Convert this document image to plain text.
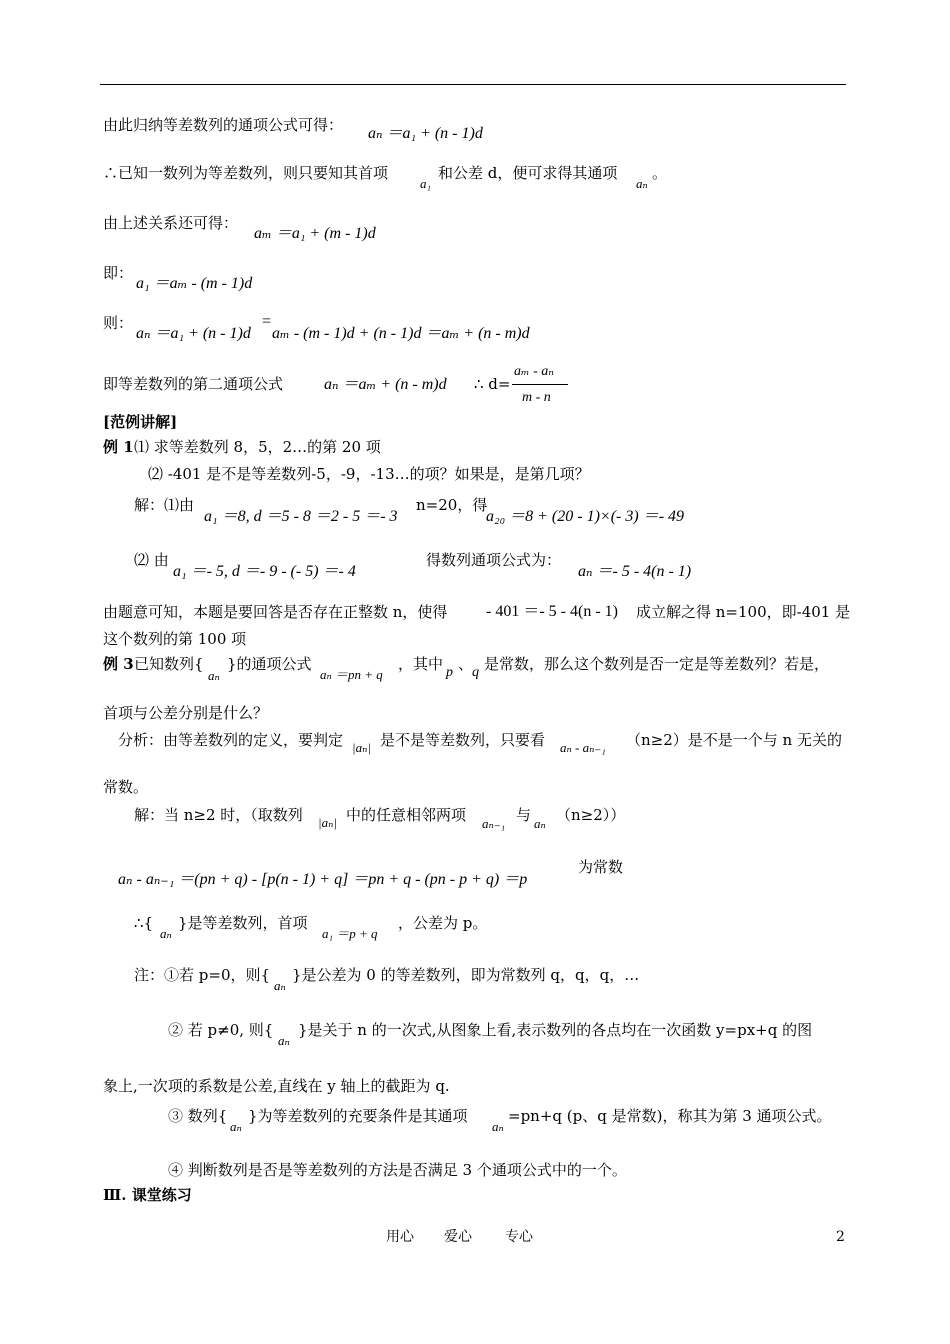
由此归纳等差数列的通项公式可得： aₙ ＝a₁ + (n - 1)d
∴已知一数列为等差数列，则只要知其首项
a₁
和公差 d，便可求得其通项
aₙ
。
由上述关系还可得：
aₘ ＝a₁ + (m - 1)d
即：
a₁ ＝aₘ - (m - 1)d
则：
aₙ ＝a₁ + (n - 1)d
=
aₘ - (m - 1)d + (n - 1)d ＝aₘ + (n - m)d
即等差数列的第二通项公式	aₙ ＝aₘ + (n - m)d ∴ d=
aₘ - aₙ
m - n
[范例讲解]
例 1 ⑴ 求等差数列 8，5，2…的第 20 项
⑵ -401 是不是等差数列-5，-9，-13…的项？如果是，是第几项？
解：⑴由
a₁ ＝8, d ＝5 - 8 ＝2 - 5 ＝- 3
n=20，得
a₂₀ ＝8 + (20 - 1)×(- 3) ＝- 49
⑵ 由
a₁ ＝- 5, d ＝- 9 - (- 5) ＝- 4
得数列通项公式为：
aₙ ＝- 5 - 4(n - 1)
由题意可知，本题是要回答是否存在正整数 n，使得 - 401 ＝- 5 - 4(n - 1) 成立解之得 n=100，即-401 是
这个数列的第 100 项
例 3 已知数列{
aₙ
}的通项公式
aₙ ＝pn + q
，其中 p 、
q 是常数，那么这个数列是否一定是等差数列？若是，
首项与公差分别是什么？
分析：由等差数列的定义，要判定 |aₙ| 是不是等差数列，只要看 aₙ - aₙ₋₁ （n≥2）是不是一个与 n 无关的
常数。
解：当 n≥2 时，（取数列 |aₙ| 中的任意相邻两项 aₙ₋₁ 与 aₙ （n≥2））
aₙ - aₙ₋₁ ＝(pn + q) - [p(n - 1) + q] ＝pn + q - (pn - p + q) ＝p
为常数
∴{
aₙ
}是等差数列，首项
a₁ ＝p + q
，公差为 p。
注：①若 p=0，则{
aₙ
}是公差为 0 的等差数列，即为常数列 q，q，q，…
② 若 p≠0, 则{
aₙ
}是关于 n 的一次式,从图象上看,表示数列的各点均在一次函数 y=px+q 的图
象上,一次项的系数是公差,直线在 y 轴上的截距为 q.
③ 数列{
aₙ
}为等差数列的充要条件是其通项
aₙ
=pn+q (p、q 是常数)，称其为第 3 通项公式。
④ 判断数列是否是等差数列的方法是否满足 3 个通项公式中的一个。
Ⅲ. 课堂练习
用心 爱心 专心	2
